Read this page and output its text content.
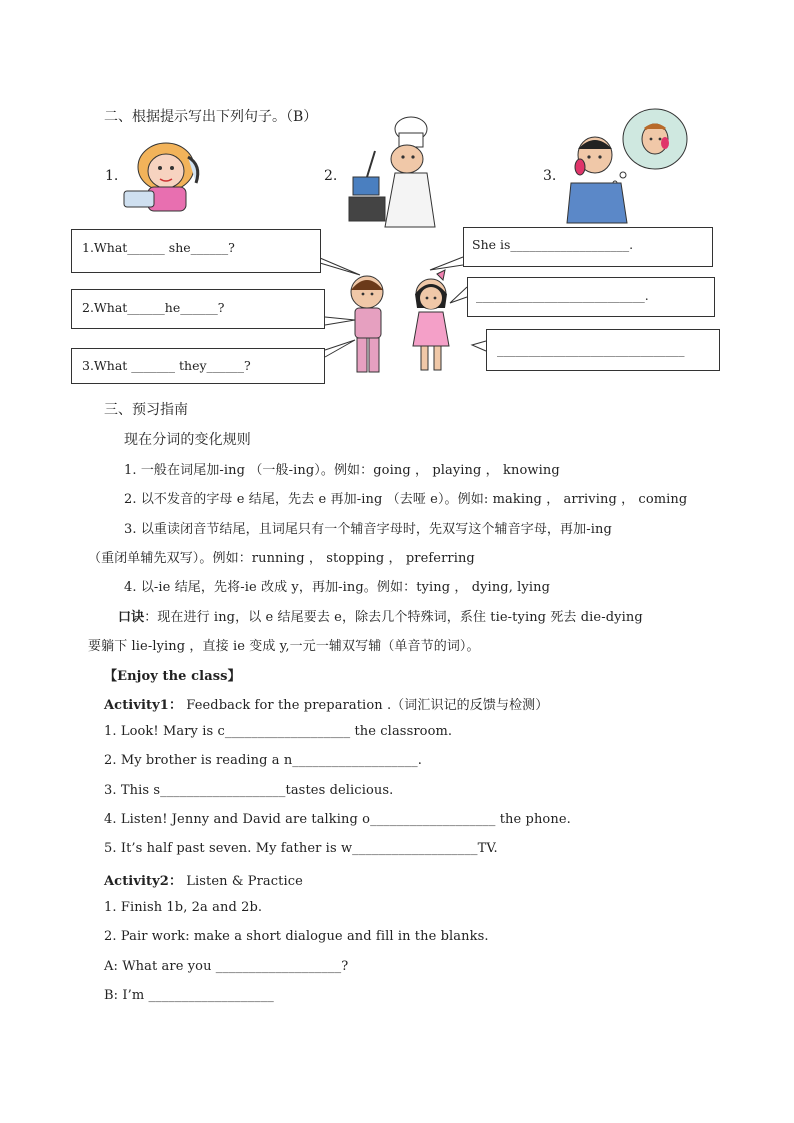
二、根据提示写出下列句子。（B）
1.	2.	3.
1.What______ she______?
2.What______he______?
3.What _______ they______?
She is___________________.
___________________________.
______________________________
三、预习指南
现在分词的变化规则
1. 一般在词尾加-ing （一般-ing）。例如：going ， playing ， knowing
2. 以不发音的字母 e 结尾，先去 e 再加-ing （去哑 e）。例如: making ， arriving ， coming
3. 以重读闭音节结尾，且词尾只有一个辅音字母时，先双写这个辅音字母，再加-ing
（重闭单辅先双写）。例如：running ， stopping ， preferring
4. 以-ie 结尾，先将-ie 改成 y，再加-ing。例如：tying ， dying, lying
口诀：现在进行 ing，以 e 结尾要去 e，除去几个特殊词，系住 tie-tying 死去 die-dying
要躺下 lie-lying ，直接 ie 变成 y,一元一辅双写辅（单音节的词）。
【Enjoy the class】
Activity1： Feedback for the preparation .（词汇识记的反馈与检测）
1. Look! Mary is c___________________ the classroom.
2. My brother is reading a n___________________.
3. This s___________________tastes delicious.
4. Listen! Jenny and David are talking o___________________ the phone.
5. It’s half past seven. My father is w___________________TV.
Activity2： Listen & Practice
1. Finish 1b, 2a and 2b.
2. Pair work: make a short dialogue and fill in the blanks.
A: What are you ___________________?
B: I’m ___________________
